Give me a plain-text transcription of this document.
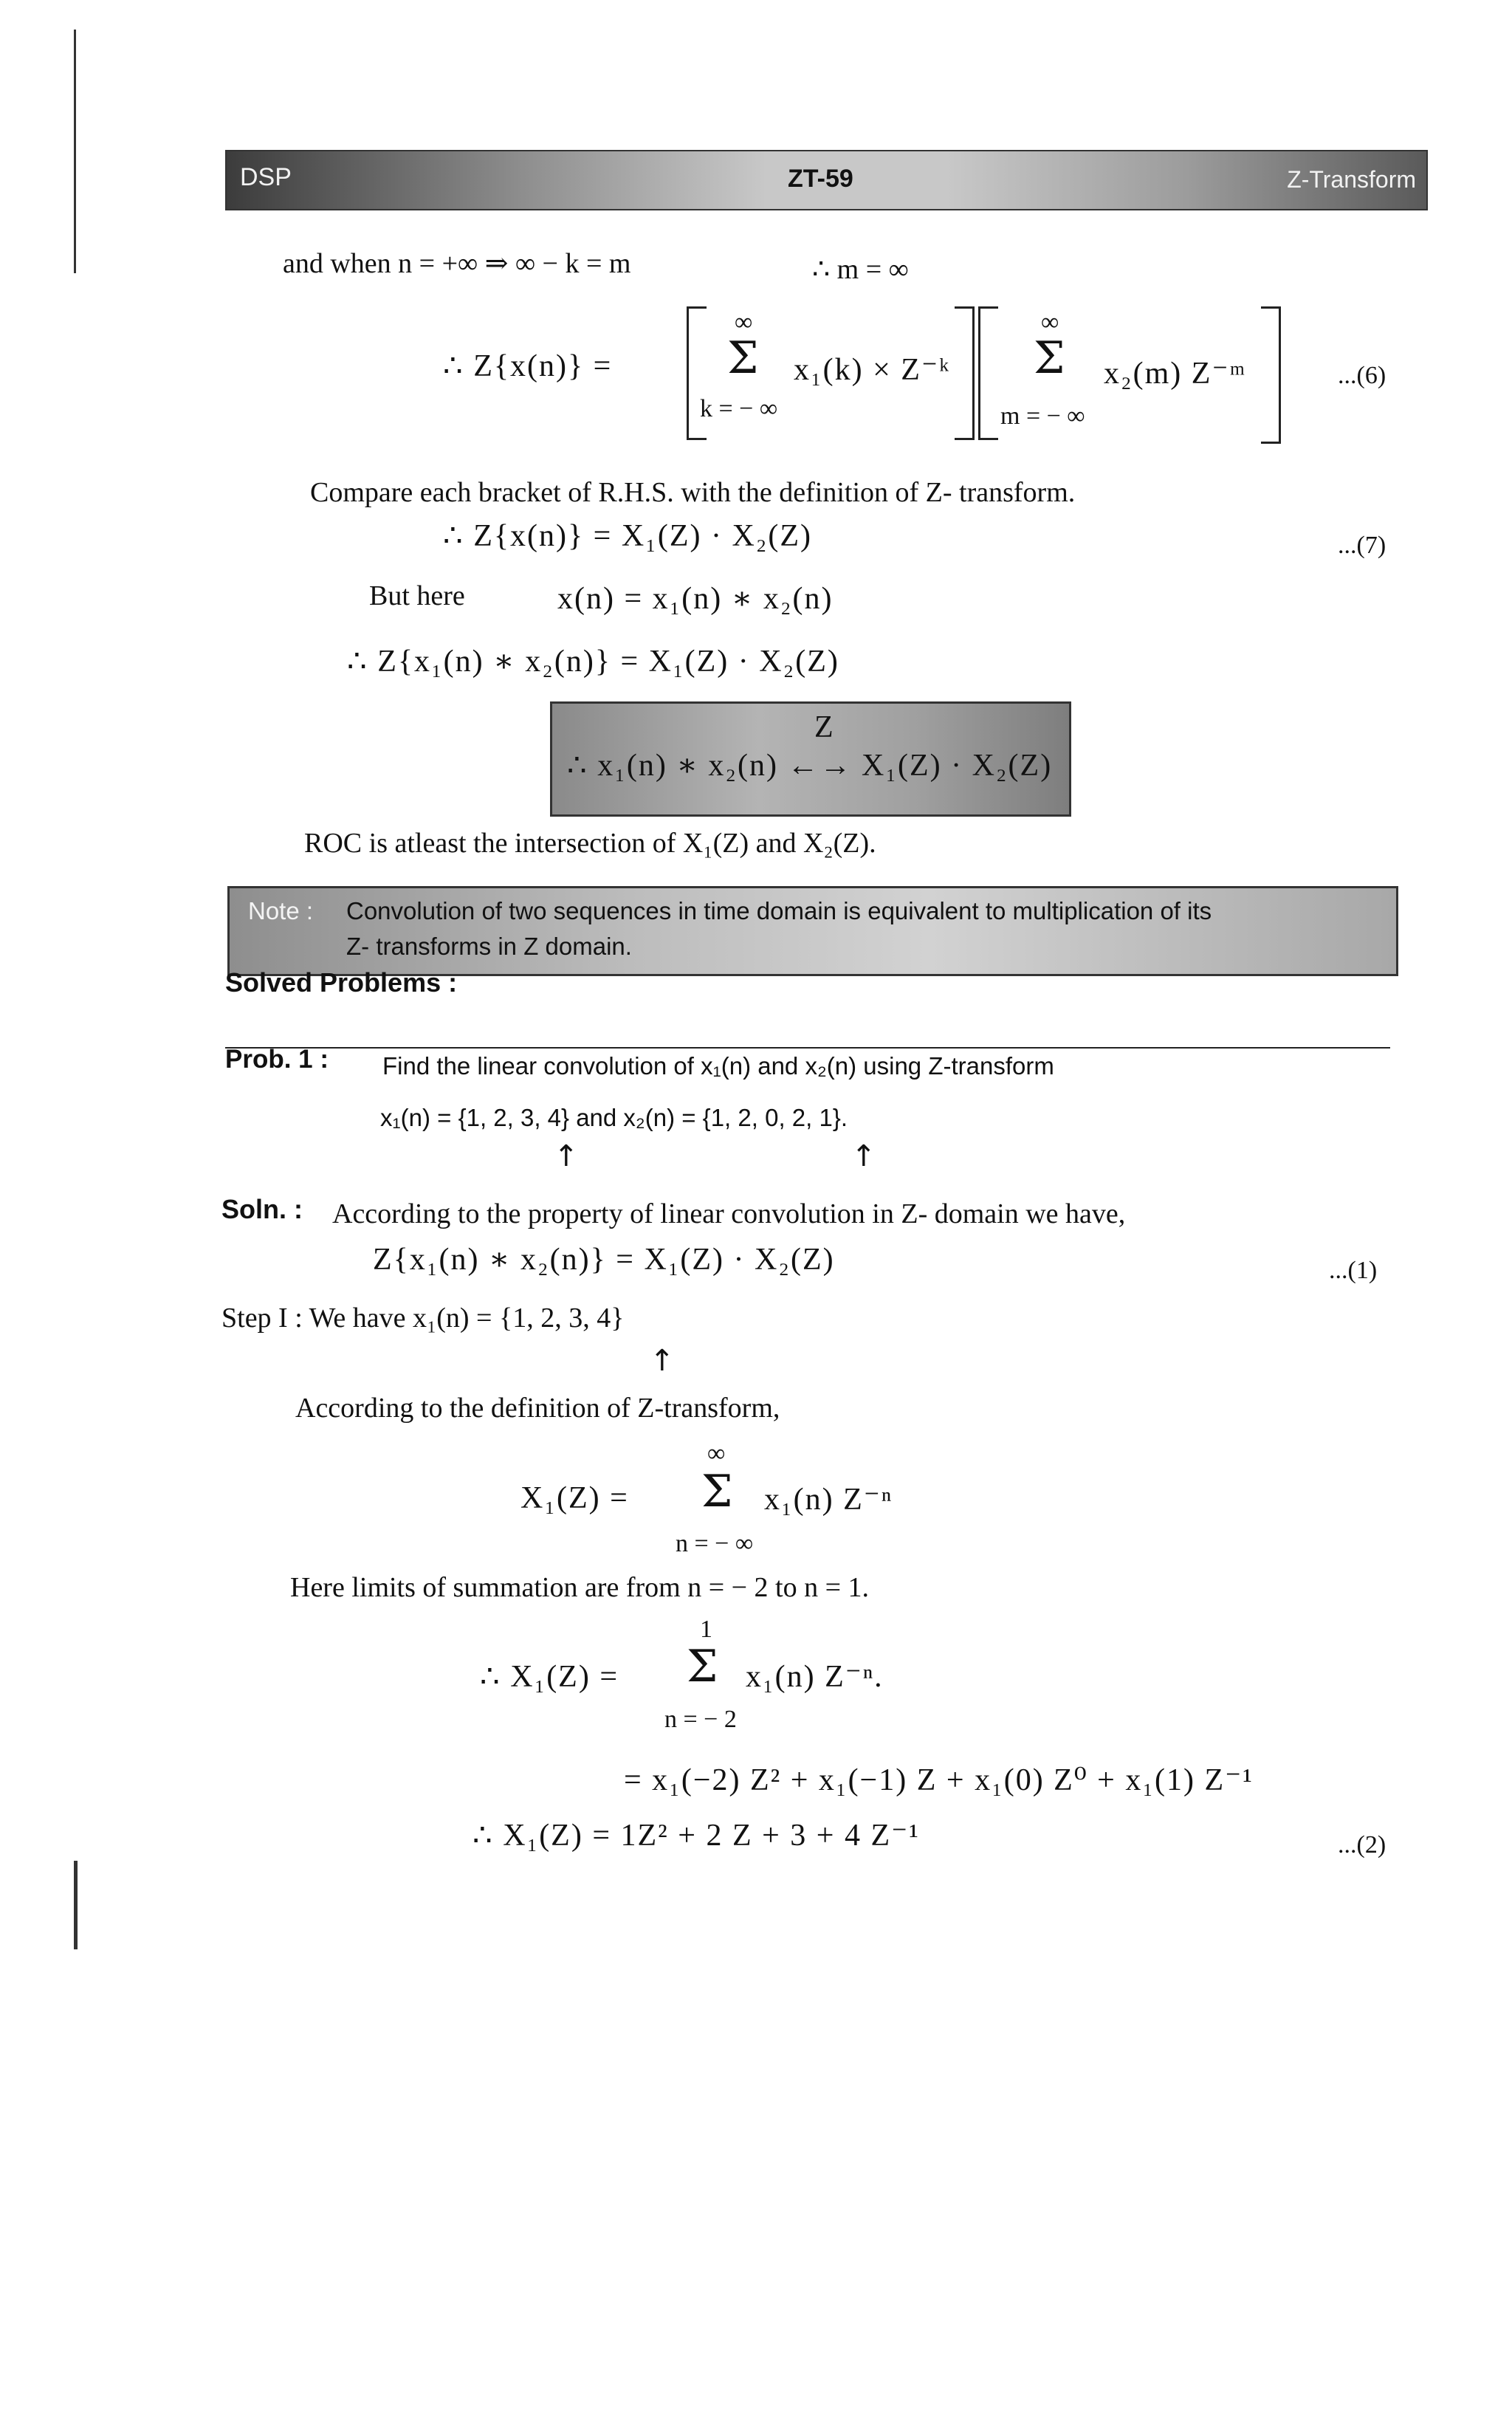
DSP	ZT-59	Z-Transform
and when n = +∞ ⇒ ∞ − k = m	∴ m = ∞
∴ Z{x(n)} =
∞
Σ
k = − ∞
x₁(k) × Z⁻ᵏ
∞
Σ
m = − ∞
x₂(m) Z⁻ᵐ	...(6)
Compare each bracket of R.H.S. with the definition of Z- transform.
∴ Z{x(n)} = X₁(Z) · X₂(Z)	...(7)
But here	x(n) = x₁(n) ∗ x₂(n)
∴ Z{x₁(n) ∗ x₂(n)} = X₁(Z) · X₂(Z)
Z
∴ x₁(n) ∗ x₂(n) ←→ X₁(Z) · X₂(Z)
ROC is atleast the intersection of X₁(Z) and X₂(Z).
Note : Convolution of two sequences in time domain is equivalent to multiplication of its
Z- transforms in Z domain.
Solved Problems :
Prob. 1 : Find the linear convolution of x₁(n) and x₂(n) using Z-transform
x₁(n) = {1, 2, 3, 4} and x₂(n) = {1, 2, 0, 2, 1}.
↑	↑
Soln. : According to the property of linear convolution in Z- domain we have,
Z{x₁(n) ∗ x₂(n)} = X₁(Z) · X₂(Z)	...(1)
Step I : We have x₁(n) = {1, 2, 3, 4}
↑
According to the definition of Z-transform,
∞
X₁(Z) = Σ x₁(n) Z⁻ⁿ
n = − ∞
Here limits of summation are from n = − 2 to n = 1.
1
∴ X₁(Z) = Σ x₁(n) Z⁻ⁿ.
n = − 2
= x₁(−2) Z² + x₁(−1) Z + x₁(0) Z⁰ + x₁(1) Z⁻¹
∴ X₁(Z) = 1Z² + 2 Z + 3 + 4 Z⁻¹	...(2)
